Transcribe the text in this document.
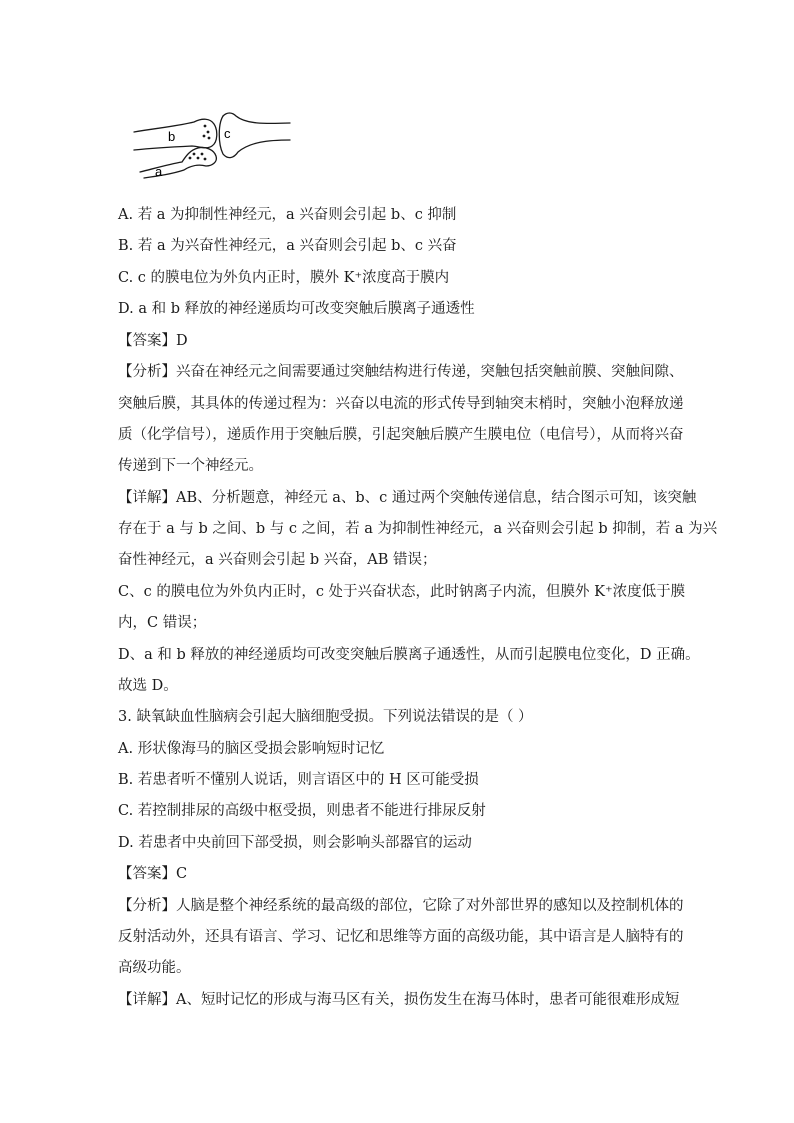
b	c
a
A. 若 a 为抑制性神经元，a 兴奋则会引起 b、c 抑制
B. 若 a 为兴奋性神经元，a 兴奋则会引起 b、c 兴奋
C. c 的膜电位为外负内正时，膜外 K⁺浓度高于膜内
D. a 和 b 释放的神经递质均可改变突触后膜离子通透性
【答案】D
【分析】兴奋在神经元之间需要通过突触结构进行传递，突触包括突触前膜、突触间隙、
突触后膜，其具体的传递过程为：兴奋以电流的形式传导到轴突末梢时，突触小泡释放递
质（化学信号），递质作用于突触后膜，引起突触后膜产生膜电位（电信号），从而将兴奋
传递到下一个神经元。
【详解】AB、分析题意，神经元 a、b、c 通过两个突触传递信息，结合图示可知，该突触
存在于 a 与 b 之间、b 与 c 之间，若 a 为抑制性神经元，a 兴奋则会引起 b 抑制，若 a 为兴
奋性神经元，a 兴奋则会引起 b 兴奋，AB 错误；
C、c 的膜电位为外负内正时，c 处于兴奋状态，此时钠离子内流，但膜外 K⁺浓度低于膜
内，C 错误；
D、a 和 b 释放的神经递质均可改变突触后膜离子通透性，从而引起膜电位变化，D 正确。
故选 D。
3. 缺氧缺血性脑病会引起大脑细胞受损。下列说法错误的是（ ）
A. 形状像海马的脑区受损会影响短时记忆
B. 若患者听不懂别人说话，则言语区中的 H 区可能受损
C. 若控制排尿的高级中枢受损，则患者不能进行排尿反射
D. 若患者中央前回下部受损，则会影响头部器官的运动
【答案】C
【分析】人脑是整个神经系统的最高级的部位，它除了对外部世界的感知以及控制机体的
反射活动外，还具有语言、学习、记忆和思维等方面的高级功能，其中语言是人脑特有的
高级功能。
【详解】A、短时记忆的形成与海马区有关，损伤发生在海马体时，患者可能很难形成短
